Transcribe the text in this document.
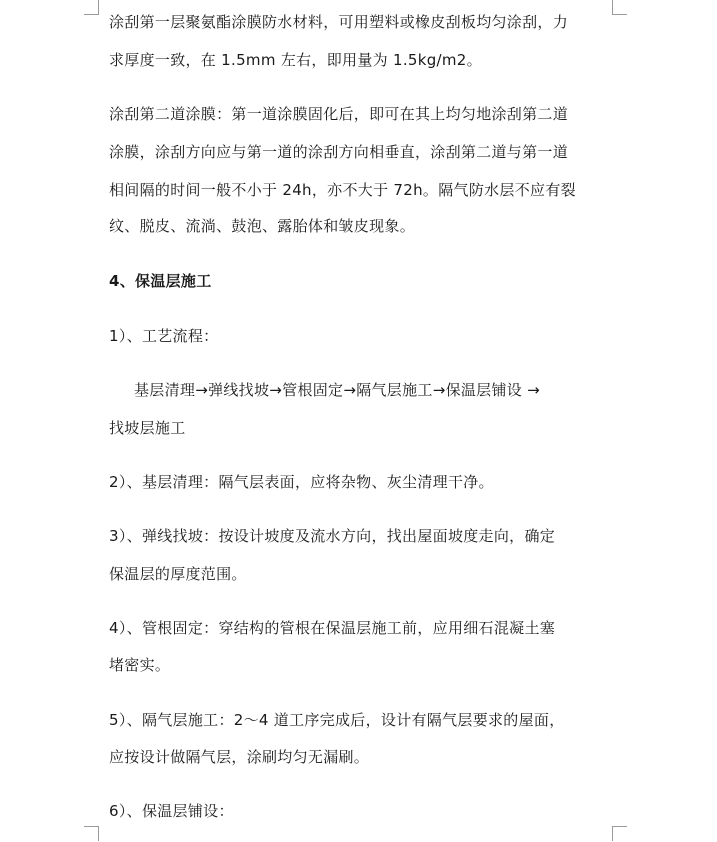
涂刮第一层聚氨酯涂膜防水材料，可用塑料或橡皮刮板均匀涂刮，力
求厚度一致，在 1.5mm 左右，即用量为 1.5kg/m2。
涂刮第二道涂膜：第一道涂膜固化后，即可在其上均匀地涂刮第二道
涂膜，涂刮方向应与第一道的涂刮方向相垂直，涂刮第二道与第一道
相间隔的时间一般不小于 24h，亦不大于 72h。隔气防水层不应有裂
纹、脱皮、流淌、鼓泡、露胎体和皱皮现象。
4、保温层施工
1）、工艺流程：
基层清理→弹线找坡→管根固定→隔气层施工→保温层铺设 →
找坡层施工
2）、基层清理：隔气层表面，应将杂物、灰尘清理干净。
3）、弹线找坡：按设计坡度及流水方向，找出屋面坡度走向，确定
保温层的厚度范围。
4）、管根固定：穿结构的管根在保温层施工前，应用细石混凝土塞
堵密实。
5）、隔气层施工：2～4 道工序完成后，设计有隔气层要求的屋面，
应按设计做隔气层，涂刷均匀无漏刷。
6）、保温层铺设：
